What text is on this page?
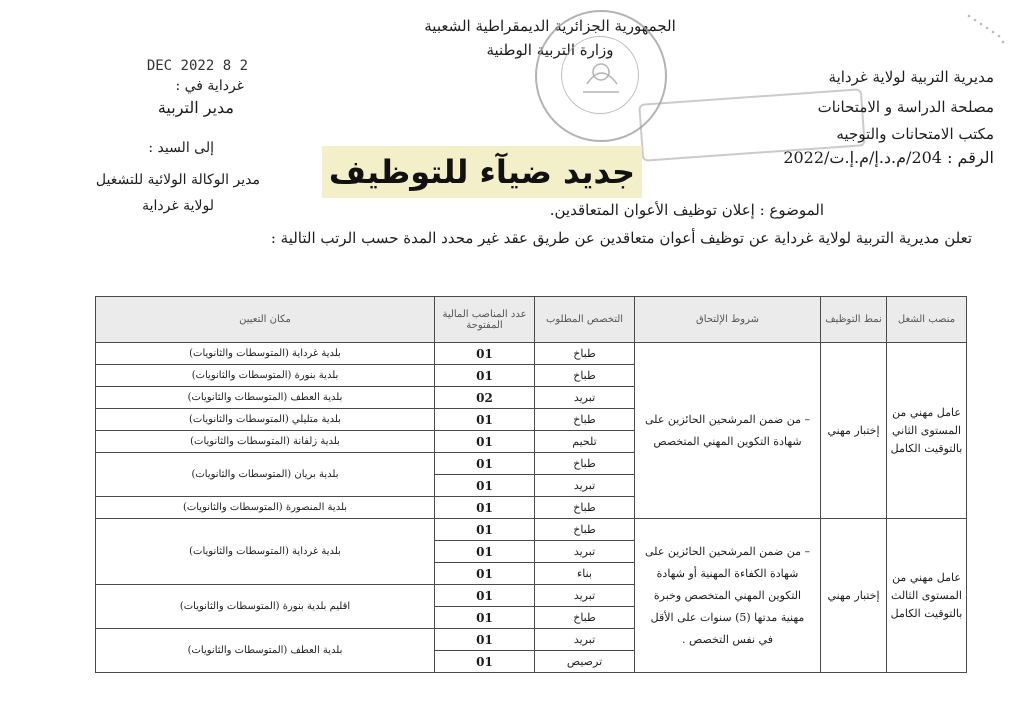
الجمهورية الجزائرية الديمقراطية الشعبية
وزارة التربية الوطنية
2 8 DEC 2022
غرداية في :
مدير التربية
إلى السيد :
مدير الوكالة الولائية للتشغيل
لولاية غرداية
مديرية التربية لولاية غرداية
مصلحة الدراسة و الامتحانات
مكتب الامتحانات والتوجيه
الرقم : 204/م.د.إ/م.إ.ت/2022
جديد ضيآء للتوظيف
الموضوع : إعلان توظيف الأعوان المتعاقدين.
تعلن مديرية التربية لولاية غرداية عن توظيف أعوان متعاقدين عن طريق عقد غير محدد المدة حسب الرتب التالية :
منصب الشغل	نمط التوظيف	شروط الإلتحاق	التخصص المطلوب	عدد المناصب المالية المفتوحة	مكان التعيين
عامل مهني من المستوى الثاني بالتوقيت الكامل	إختبار مهني	– من ضمن المرشحين الحائزين على شهادة التكوين المهني المتخصص	طباخ	01	بلدية غرداية (المتوسطات والثانويات)
			طباخ	01	بلدية بنورة (المتوسطات والثانويات)
			تبريد	02	بلدية العطف (المتوسطات والثانويات)
			طباخ	01	بلدية متليلي (المتوسطات والثانويات)
			تلحيم	01	بلدية زلفانة (المتوسطات والثانويات)
			طباخ	01	بلدية بريان (المتوسطات والثانويات)
			تبريد	01	
			طباخ	01	بلدية المنصورة (المتوسطات والثانويات)
عامل مهني من المستوى الثالث بالتوقيت الكامل	إختبار مهني	– من ضمن المرشحين الحائزين على شهادة الكفاءة المهنية أو شهادة التكوين المهني المتخصص وخبرة مهنية مدتها (5) سنوات على الأقل في نفس التخصص .	طباخ	01	بلدية غرداية (المتوسطات والثانويات)
			تبريد	01	
			بناء	01	
			تبريد	01	اقليم بلدية بنورة (المتوسطات والثانويات)
			طباخ	01	
			تبريد	01	بلدية العطف (المتوسطات والثانويات)
			ترصيص	01	
